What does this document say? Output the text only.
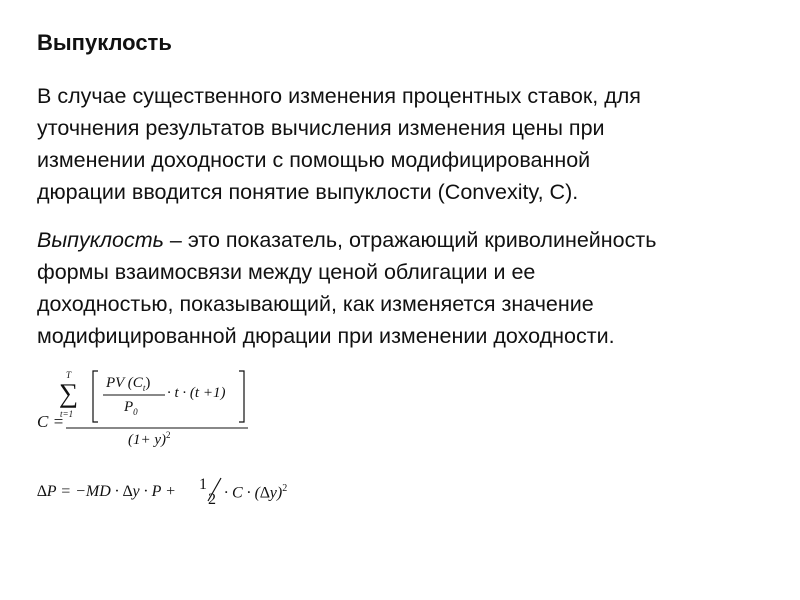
Выпуклость
В случае существенного изменения процентных ставок, для
уточнения результатов вычисления изменения цены при
изменении доходности с помощью модифицированной
дюрации вводится понятие выпуклости (Convexity, C).
Выпуклость – это показатель, отражающий криволинейность
формы взаимосвязи между ценой облигации и ее
доходностью, показывающий, как изменяется значение
модифицированной дюрации при изменении доходности.
C =
T
∑
t=1
PV $(C_t)$
$P_0$
· t · (t +1)
$(1+ y)^2$
∆P = −MD · ∆y · P + 1
$2 \cdot C \cdot (\Delta y)^2$
